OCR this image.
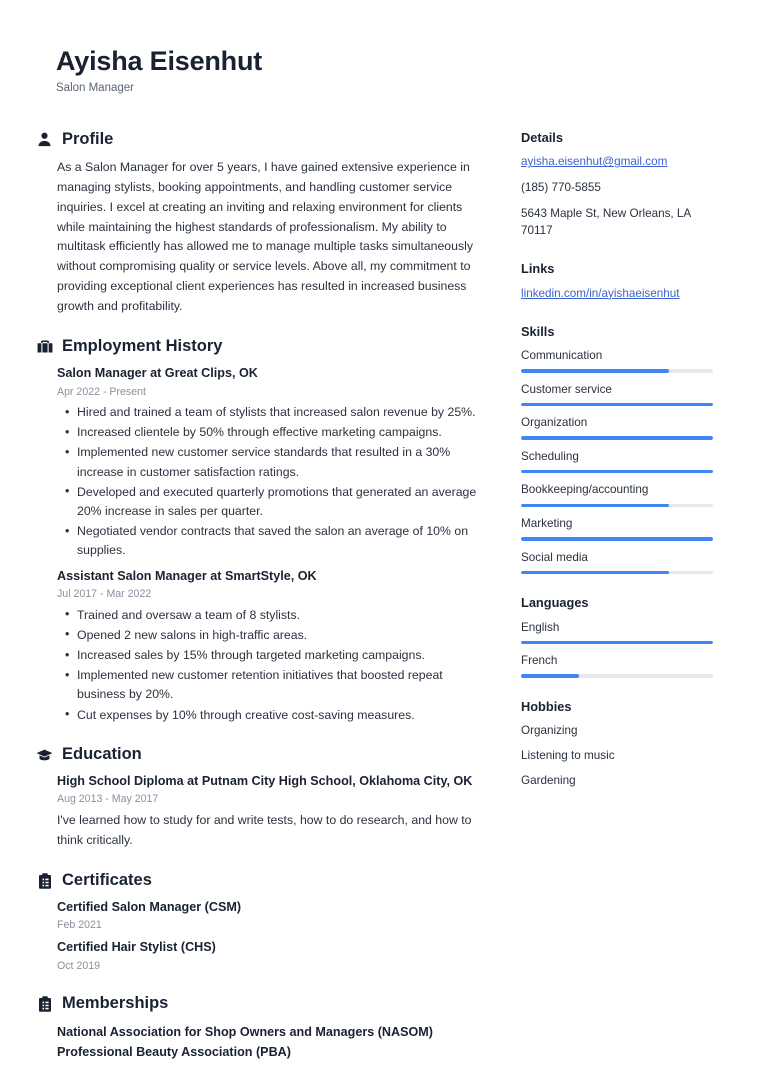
Ayisha Eisenhut
Salon Manager
Profile

As a Salon Manager for over 5 years, I have gained extensive experience in managing stylists, booking appointments, and handling customer service inquiries. I excel at creating an inviting and relaxing environment for clients while maintaining the highest standards of professionalism. My ability to multitask efficiently has allowed me to manage multiple tasks simultaneously without compromising quality or service levels. Above all, my commitment to providing exceptional client experiences has resulted in increased business growth and profitability.

Employment History
Salon Manager at Great Clips, OK
Apr 2022 - Present
• Hired and trained a team of stylists that increased salon revenue by 25%.
• Increased clientele by 50% through effective marketing campaigns.
• Implemented new customer service standards that resulted in a 30% increase in customer satisfaction ratings.
• Developed and executed quarterly promotions that generated an average 20% increase in sales per quarter.
• Negotiated vendor contracts that saved the salon an average of 10% on supplies.
Assistant Salon Manager at SmartStyle, OK
Jul 2017 - Mar 2022
• Trained and oversaw a team of 8 stylists.
• Opened 2 new salons in high-traffic areas.
• Increased sales by 15% through targeted marketing campaigns.
• Implemented new customer retention initiatives that boosted repeat business by 20%.
• Cut expenses by 10% through creative cost-saving measures.
Education
High School Diploma at Putnam City High School, Oklahoma City, OK
Aug 2013 - May 2017
I've learned how to study for and write tests, how to do research, and how to think critically.
Certificates
Certified Salon Manager (CSM)
Feb 2021
Certified Hair Stylist (CHS)
Oct 2019
Memberships
National Association for Shop Owners and Managers (NASOM)
Professional Beauty Association (PBA)
Details
ayisha.eisenhut@gmail.com
(185) 770-5855
5643 Maple St, New Orleans, LA 70117
Links
linkedin.com/in/ayishaeisenhut
Skills
Communication
Customer service
Organization
Scheduling
Bookkeeping/accounting
Marketing
Social media
Languages
English
French
Hobbies
Organizing
Listening to music
Gardening
